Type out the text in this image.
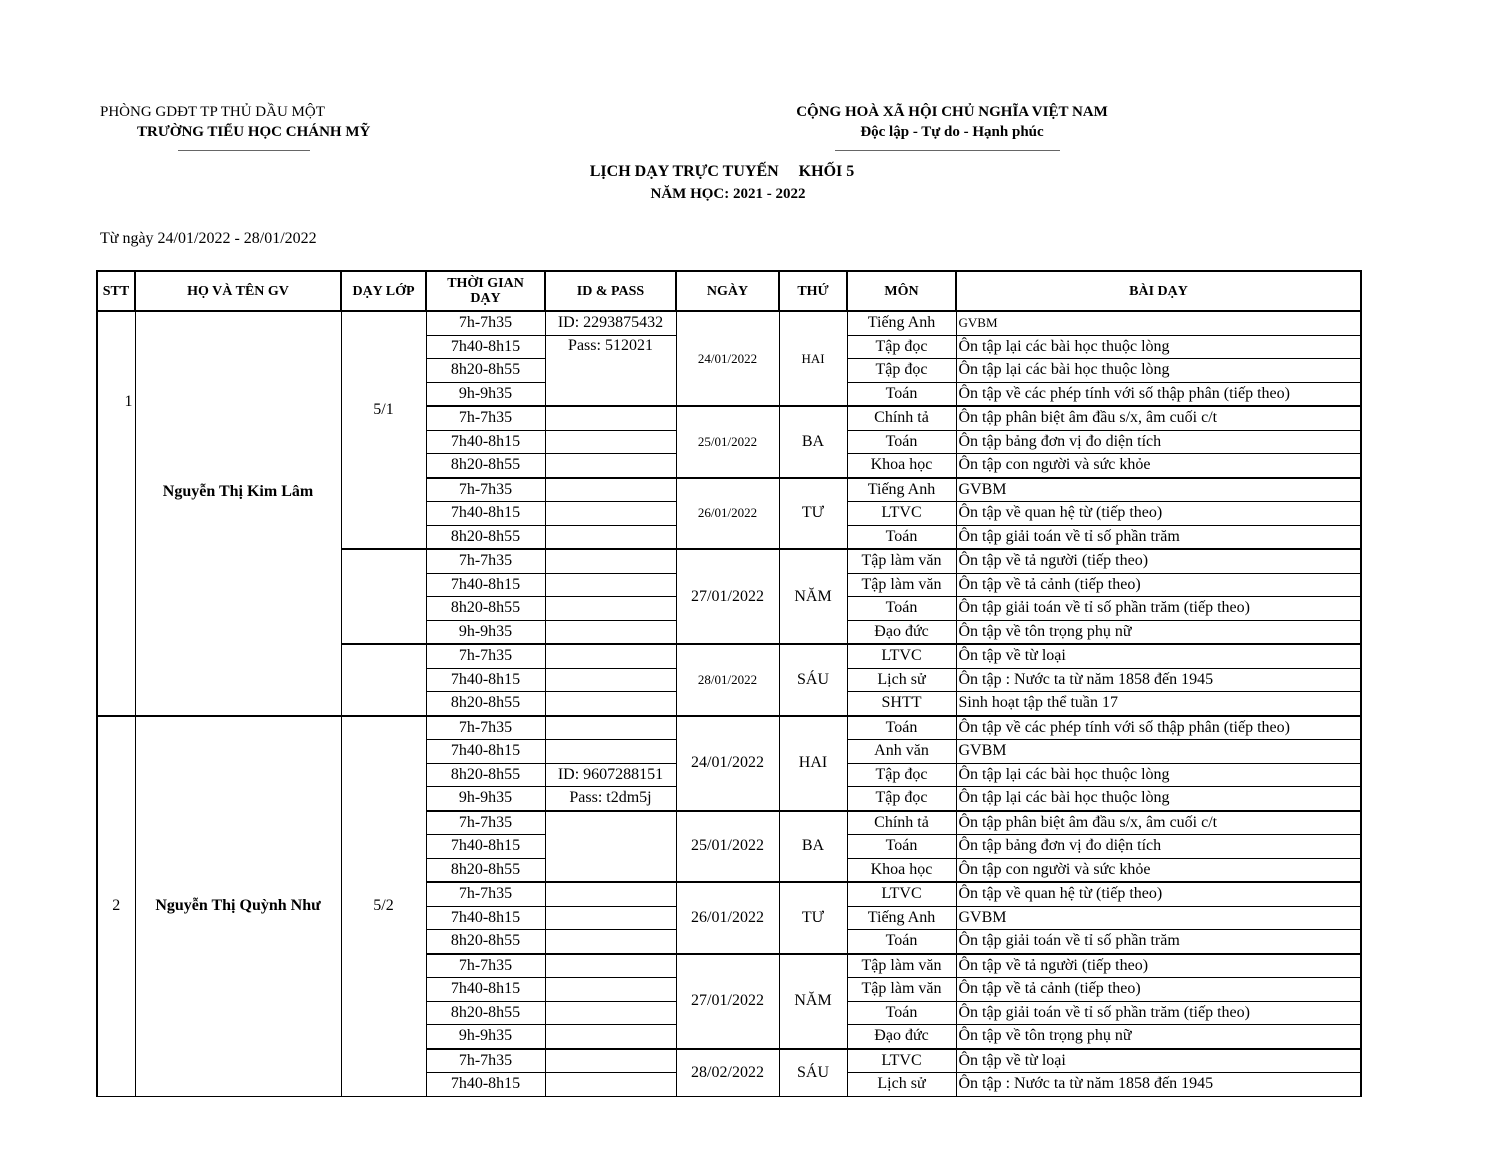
PHÒNG GDĐT TP THỦ DẦU MỘT
TRƯỜNG TIỂU HỌC CHÁNH MỸ
CỘNG HOÀ XÃ HỘI CHỦ NGHĨA VIỆT NAM
Độc lập - Tự do - Hạnh phúc
LỊCH DẠY TRỰC TUYẾN     KHỐI 5
NĂM HỌC: 2021 - 2022
Từ ngày 24/01/2022 - 28/01/2022
STT	HỌ VÀ TÊN GV	DẠY LỚP	THỜI GIAN DẠY	ID & PASS	NGÀY	THỨ	MÔN	BÀI DẠY
1	Nguyễn Thị Kim Lâm	5/1	7h-7h35	ID: 2293875432	24/01/2022	HAI	Tiếng Anh	GVBM
			7h40-8h15	Pass: 512021			Tập đọc	Ôn tập lại các bài học thuộc lòng
			8h20-8h55				Tập đọc	Ôn tập lại các bài học thuộc lòng
			9h-9h35				Toán	Ôn tập về các phép tính với số thập phân (tiếp theo)
			7h-7h35		25/01/2022	BA	Chính tả	Ôn tập phân biệt âm đầu s/x, âm cuối c/t
			7h40-8h15				Toán	Ôn tập bảng đơn vị đo diện tích
			8h20-8h55				Khoa học	Ôn tập con người và sức khỏe
			7h-7h35		26/01/2022	TƯ	Tiếng Anh	GVBM
			7h40-8h15				LTVC	Ôn tập về quan hệ từ (tiếp theo)
			8h20-8h55				Toán	Ôn tập giải toán về tỉ số phần trăm
			7h-7h35		27/01/2022	NĂM	Tập làm văn	Ôn tập về tả người (tiếp theo)
			7h40-8h15				Tập làm văn	Ôn tập về tả cảnh (tiếp theo)
			8h20-8h55				Toán	Ôn tập giải toán về tỉ số phần trăm (tiếp theo)
			9h-9h35				Đạo đức	Ôn tập về tôn trọng phụ nữ
			7h-7h35		28/01/2022	SÁU	LTVC	Ôn tập về từ loại
			7h40-8h15				Lịch sử	Ôn tập : Nước ta từ năm 1858 đến 1945
			8h20-8h55				SHTT	Sinh hoạt tập thể tuần 17
2	Nguyễn Thị Quỳnh Như	5/2	7h-7h35		24/01/2022	HAI	Toán	Ôn tập về các phép tính với số thập phân (tiếp theo)
			7h40-8h15				Anh văn	GVBM
			8h20-8h55	ID: 9607288151			Tập đọc	Ôn tập lại các bài học thuộc lòng
			9h-9h35	Pass: t2dm5j			Tập đọc	Ôn tập lại các bài học thuộc lòng
			7h-7h35		25/01/2022	BA	Chính tả	Ôn tập phân biệt âm đầu s/x, âm cuối c/t
			7h40-8h15				Toán	Ôn tập bảng đơn vị đo diện tích
			8h20-8h55				Khoa học	Ôn tập con người và sức khỏe
			7h-7h35		26/01/2022	TƯ	LTVC	Ôn tập về quan hệ từ (tiếp theo)
			7h40-8h15				Tiếng Anh	GVBM
			8h20-8h55				Toán	Ôn tập giải toán về tỉ số phần trăm
			7h-7h35		27/01/2022	NĂM	Tập làm văn	Ôn tập về tả người (tiếp theo)
			7h40-8h15				Tập làm văn	Ôn tập về tả cảnh (tiếp theo)
			8h20-8h55				Toán	Ôn tập giải toán về tỉ số phần trăm (tiếp theo)
			9h-9h35				Đạo đức	Ôn tập về tôn trọng phụ nữ
			7h-7h35		28/02/2022	SÁU	LTVC	Ôn tập về từ loại
			7h40-8h15				Lịch sử	Ôn tập : Nước ta từ năm 1858 đến 1945
